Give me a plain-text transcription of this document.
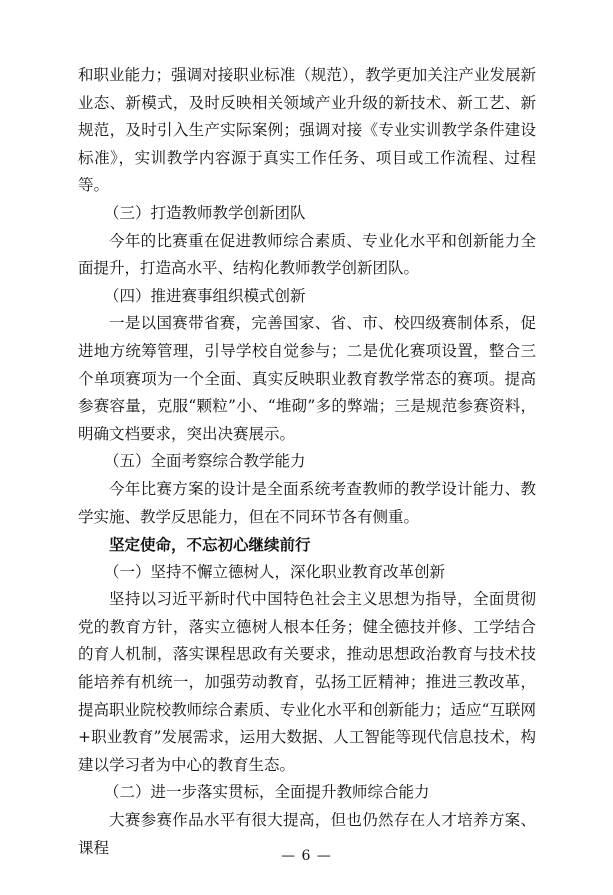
和职业能力；强调对接职业标准（规范），教学更加关注产业发展新业态、新模式，及时反映相关领域产业升级的新技术、新工艺、新规范，及时引入生产实际案例；强调对接《专业实训教学条件建设标准》，实训教学内容源于真实工作任务、项目或工作流程、过程等。

（三）打造教师教学创新团队

今年的比赛重在促进教师综合素质、专业化水平和创新能力全面提升，打造高水平、结构化教师教学创新团队。

（四）推进赛事组织模式创新

一是以国赛带省赛，完善国家、省、市、校四级赛制体系，促进地方统筹管理，引导学校自觉参与；二是优化赛项设置，整合三个单项赛项为一个全面、真实反映职业教育教学常态的赛项。提高参赛容量，克服“颗粒”小、“堆砌”多的弊端；三是规范参赛资料，明确文档要求，突出决赛展示。

（五）全面考察综合教学能力

今年比赛方案的设计是全面系统考查教师的教学设计能力、教学实施、教学反思能力，但在不同环节各有侧重。

坚定使命，不忘初心继续前行

（一）坚持不懈立德树人，深化职业教育改革创新

坚持以习近平新时代中国特色社会主义思想为指导，全面贯彻党的教育方针，落实立德树人根本任务；健全德技并修、工学结合的育人机制，落实课程思政有关要求，推动思想政治教育与技术技能培养有机统一，加强劳动教育，弘扬工匠精神；推进三教改革，提高职业院校教师综合素质、专业化水平和创新能力；适应“互联网+职业教育”发展需求，运用大数据、人工智能等现代信息技术，构建以学习者为中心的教育生态。

（二）进一步落实贯标，全面提升教师综合能力

大赛参赛作品水平有很大提高，但也仍然存在人才培养方案、课程	— 6 —
